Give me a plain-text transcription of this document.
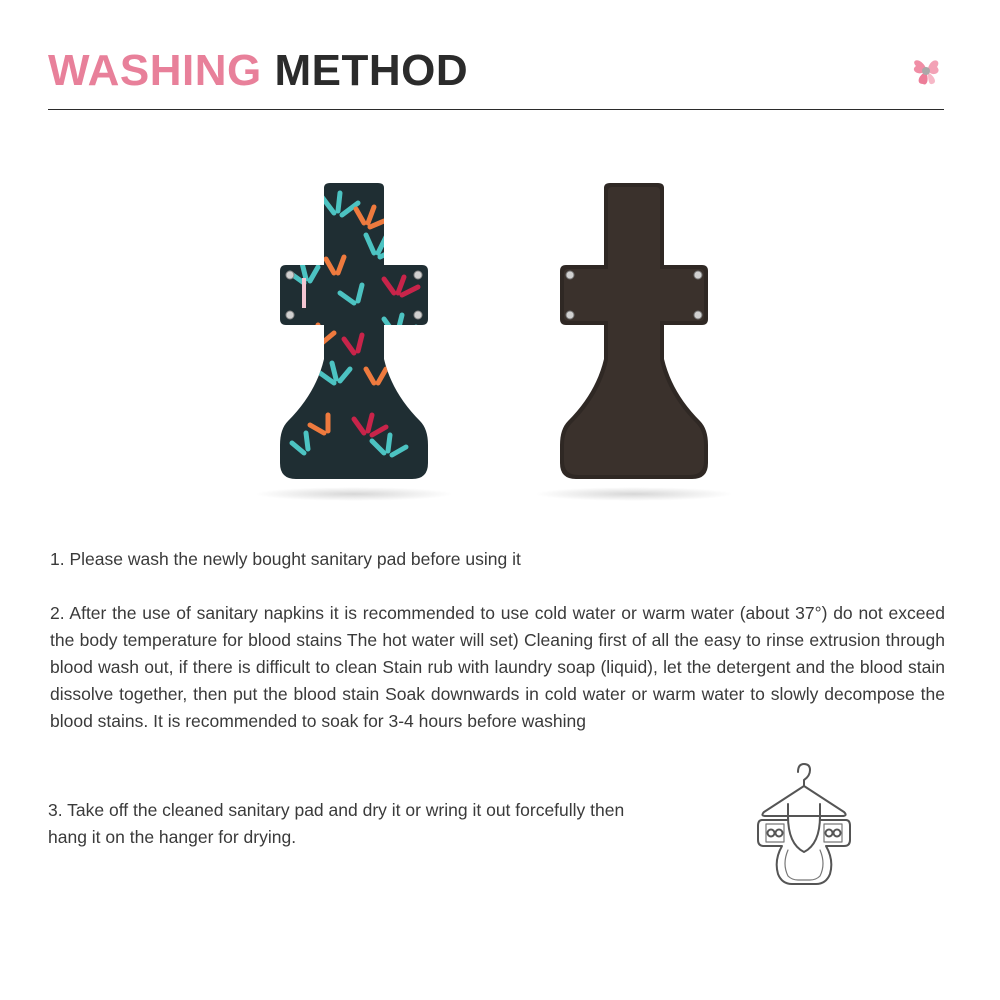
WASHING METHOD

1. Please wash the newly bought sanitary pad before using it

2. After the use of sanitary napkins it is recommended to use cold water or warm water (about 37°) do not exceed the body temperature for blood stains The hot water will set) Cleaning first of all the easy to rinse extrusion through blood wash out, if there is difficult to clean Stain rub with laundry soap (liquid), let the detergent and the blood stain dissolve together, then put the blood stain Soak downwards in cold water or warm water to slowly decompose the blood stains. It is recommended to soak for 3-4 hours before washing

3. Take off the cleaned sanitary pad and dry it or wring it out forcefully then hang it on the hanger for drying.
